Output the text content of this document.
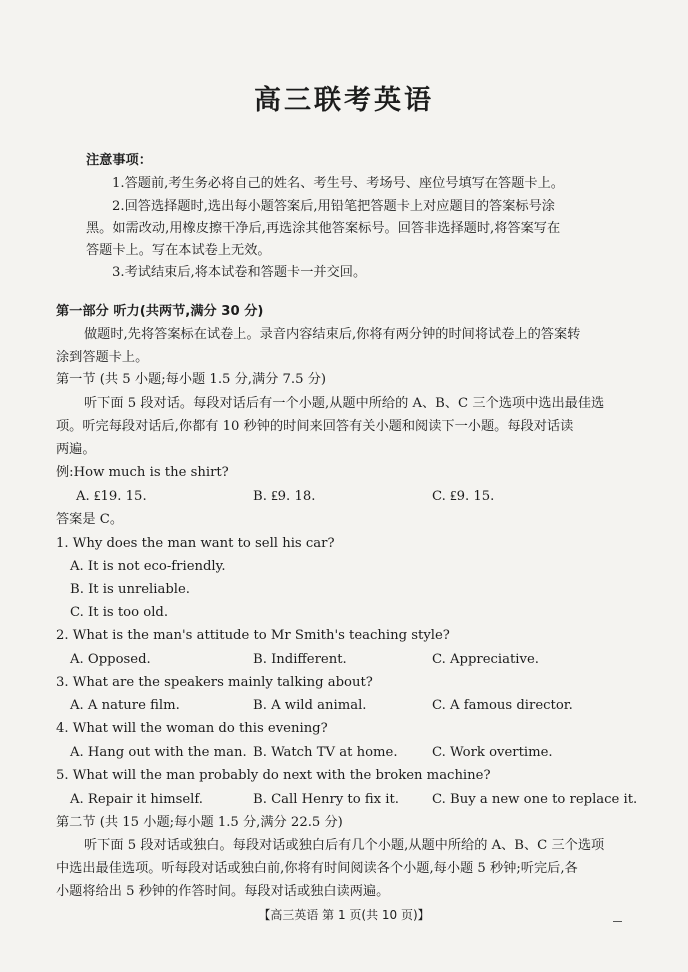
高三联考英语
注意事项：
1.答题前,考生务必将自己的姓名、考生号、考场号、座位号填写在答题卡上。
2.回答选择题时,选出每小题答案后,用铅笔把答题卡上对应题目的答案标号涂
黑。如需改动,用橡皮擦干净后,再选涂其他答案标号。回答非选择题时,将答案写在
答题卡上。写在本试卷上无效。
3.考试结束后,将本试卷和答题卡一并交回。
第一部分 听力(共两节,满分 30 分)
做题时,先将答案标在试卷上。录音内容结束后,你将有两分钟的时间将试卷上的答案转
涂到答题卡上。
第一节 (共 5 小题;每小题 1.5 分,满分 7.5 分)
听下面 5 段对话。每段对话后有一个小题,从题中所给的 A、B、C 三个选项中选出最佳选
项。听完每段对话后,你都有 10 秒钟的时间来回答有关小题和阅读下一小题。每段对话读
两遍。
例:How much is the shirt?
A. ₤19. 15.	B. ₤9. 18.	C. ₤9. 15.
答案是 C。
1. Why does the man want to sell his car?
A. It is not eco-friendly.
B. It is unreliable.
C. It is too old.
2. What is the man's attitude to Mr Smith's teaching style?
A. Opposed.	B. Indifferent.	C. Appreciative.
3. What are the speakers mainly talking about?
A. A nature film.	B. A wild animal.	C. A famous director.
4. What will the woman do this evening?
A. Hang out with the man. B. Watch TV at home.	C. Work overtime.
5. What will the man probably do next with the broken machine?
A. Repair it himself.	B. Call Henry to fix it.	C. Buy a new one to replace it.
第二节 (共 15 小题;每小题 1.5 分,满分 22.5 分)
听下面 5 段对话或独白。每段对话或独白后有几个小题,从题中所给的 A、B、C 三个选项
中选出最佳选项。听每段对话或独白前,你将有时间阅读各个小题,每小题 5 秒钟;听完后,各
小题将给出 5 秒钟的作答时间。每段对话或独白读两遍。
【高三英语 第 1 页(共 10 页)】
